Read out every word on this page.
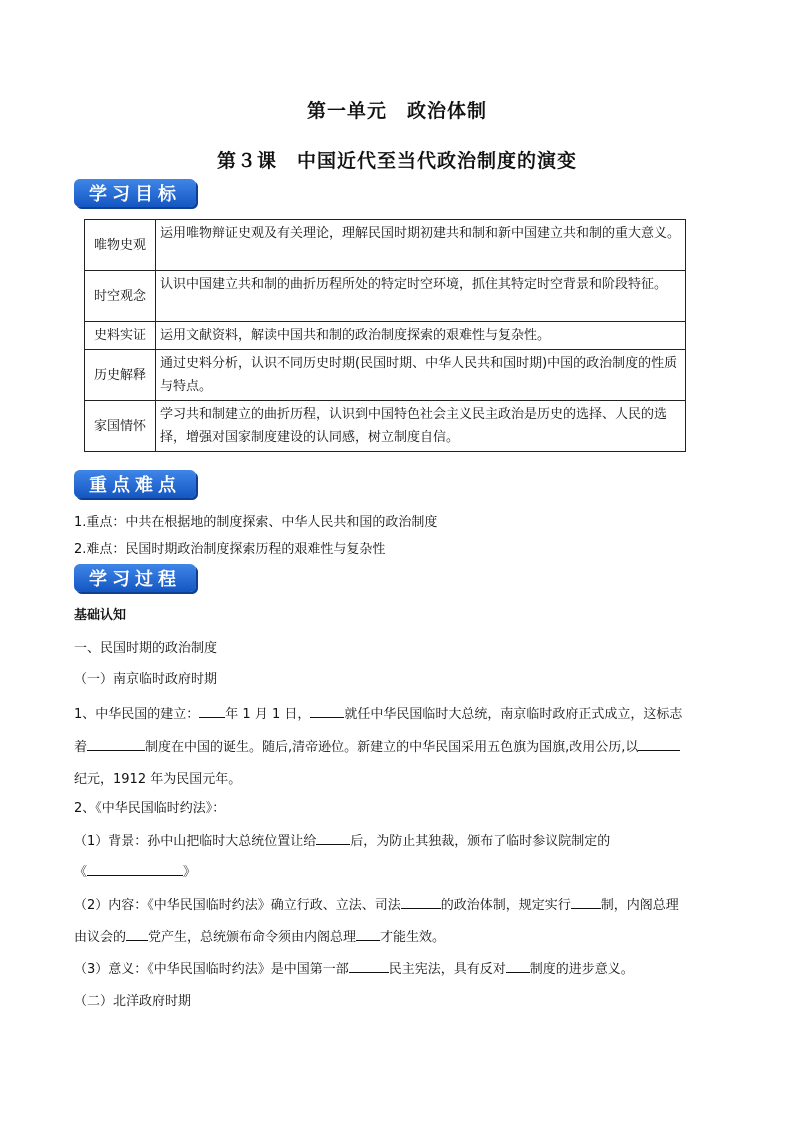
第一单元　政治体制
第３课　中国近代至当代政治制度的演变
学习目标
唯物史观	运用唯物辩证史观及有关理论，理解民国时期初建共和制和新中国建立共和制的重大意义。
时空观念	认识中国建立共和制的曲折历程所处的特定时空环境，抓住其特定时空背景和阶段特征。
史料实证	运用文献资料，解读中国共和制的政治制度探索的艰难性与复杂性。
历史解释	通过史料分析，认识不同历史时期(民国时期、中华人民共和国时期)中国的政治制度的性质与特点。
家国情怀	学习共和制建立的曲折历程，认识到中国特色社会主义民主政治是历史的选择、人民的选择，增强对国家制度建设的认同感，树立制度自信。
重点难点
1.重点：中共在根据地的制度探索、中华人民共和国的政治制度
2.难点：民国时期政治制度探索历程的艰难性与复杂性
学习过程
基础认知
一、民国时期的政治制度
（一）南京临时政府时期
1、中华民国的建立： 年 1 月 1 日，	就任中华民国临时大总统，南京临时政府正式成立，这标志
着	制度在中国的诞生。随后,清帝逊位。新建立的中华民国采用五色旗为国旗,改用公历,以
纪元，1912 年为民国元年。
2、《中华民国临时约法》：
（1）背景：孙中山把临时大总统位置让给	后，为防止其独裁，颁布了临时参议院制定的
《	》
（2）内容：《中华民国临时约法》确立行政、立法、司法	的政治体制，规定实行 制，内阁总理
由议会的 党产生，总统颁布命令须由内阁总理 才能生效。
（3）意义：《中华民国临时约法》是中国第一部	民主宪法，具有反对 制度的进步意义。
（二）北洋政府时期
